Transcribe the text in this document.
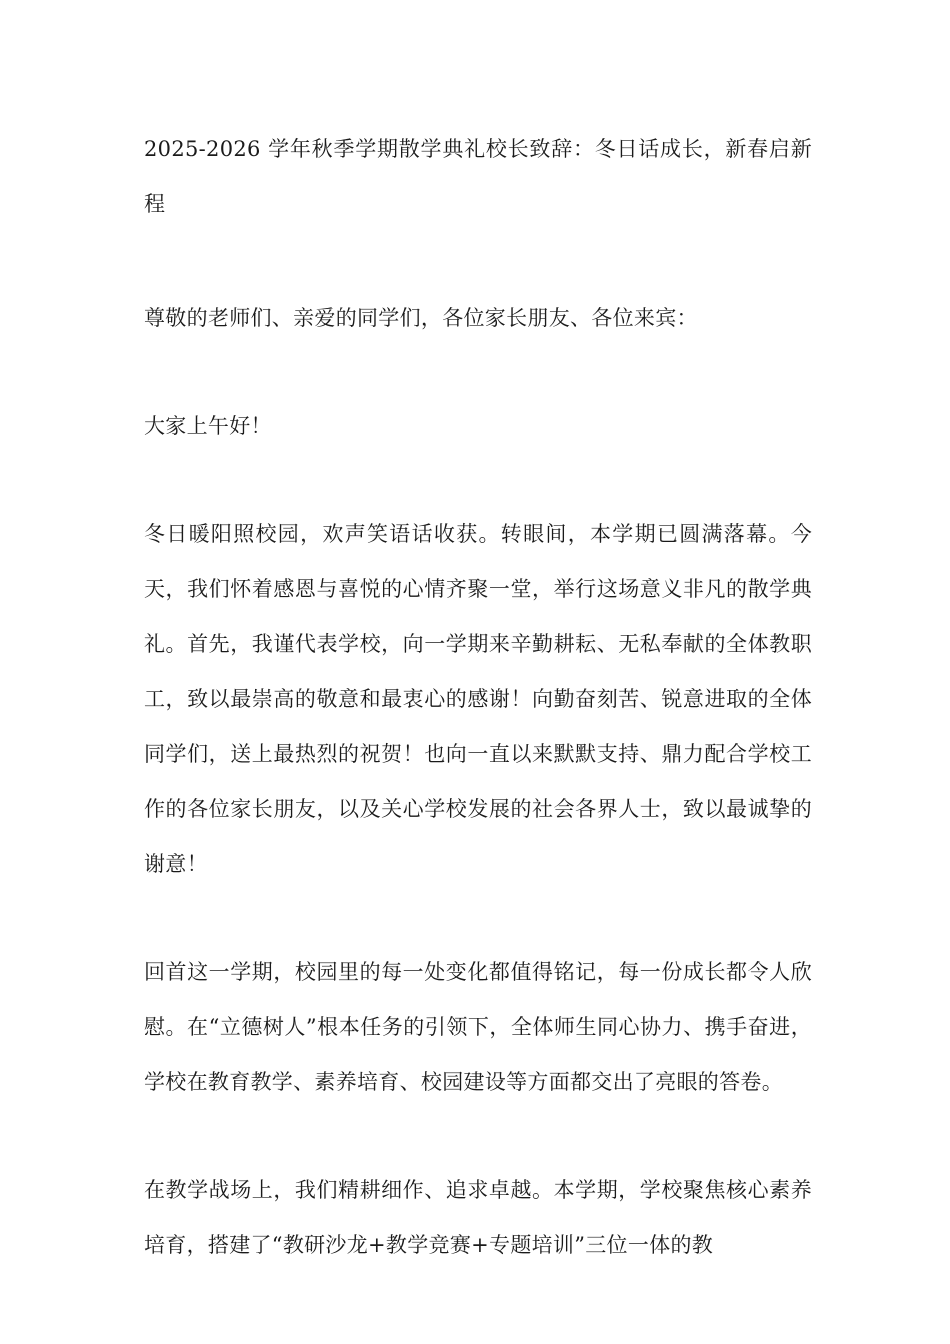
2025-2026 学年秋季学期散学典礼校长致辞：冬日话成长，新春启新程

尊敬的老师们、亲爱的同学们，各位家长朋友、各位来宾：

大家上午好！

冬日暖阳照校园，欢声笑语话收获。转眼间，本学期已圆满落幕。今天，我们怀着感恩与喜悦的心情齐聚一堂，举行这场意义非凡的散学典礼。首先，我谨代表学校，向一学期来辛勤耕耘、无私奉献的全体教职工，致以最崇高的敬意和最衷心的感谢！向勤奋刻苦、锐意进取的全体同学们，送上最热烈的祝贺！也向一直以来默默支持、鼎力配合学校工作的各位家长朋友，以及关心学校发展的社会各界人士，致以最诚挚的谢意！

回首这一学期，校园里的每一处变化都值得铭记，每一份成长都令人欣慰。在“立德树人”根本任务的引领下，全体师生同心协力、携手奋进，学校在教育教学、素养培育、校园建设等方面都交出了亮眼的答卷。

在教学战场上，我们精耕细作、追求卓越。本学期，学校聚焦核心素养培育，搭建了“教研沙龙+教学竞赛+专题培训”三位一体的教
